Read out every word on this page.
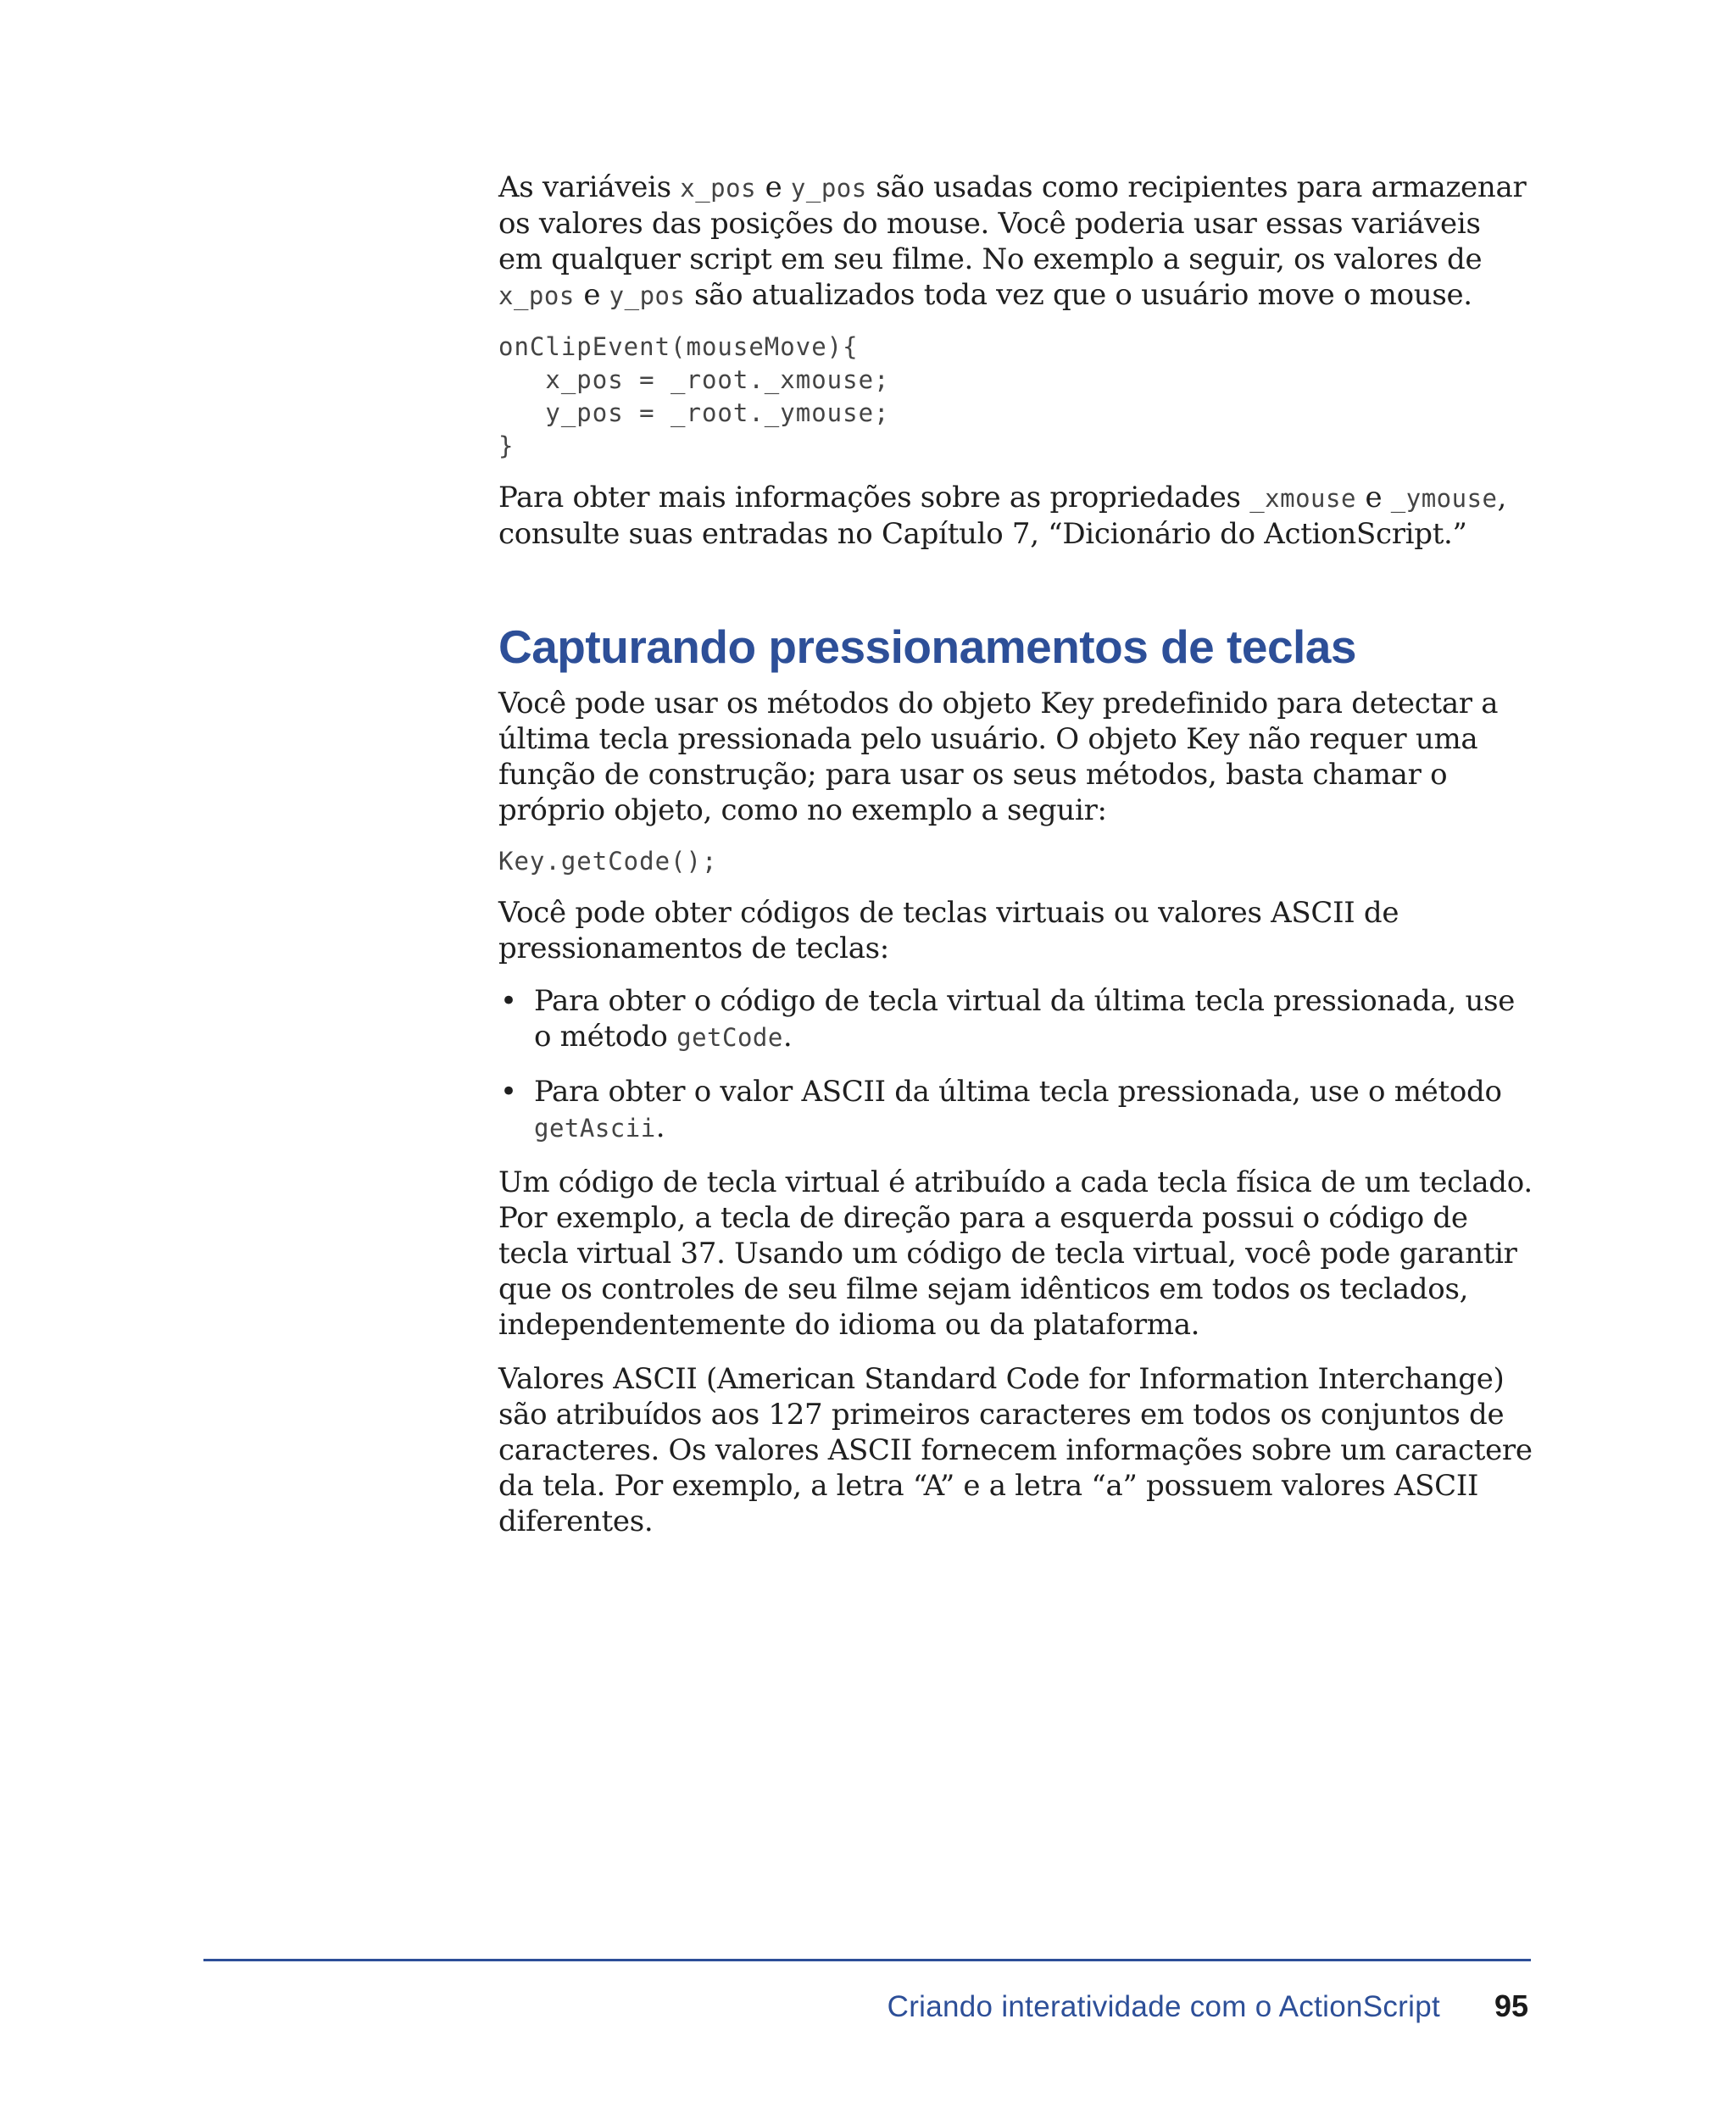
As variáveis x_pos e y_pos são usadas como recipientes para armazenar os valores das posições do mouse. Você poderia usar essas variáveis em qualquer script em seu filme. No exemplo a seguir, os valores de x_pos e y_pos são atualizados toda vez que o usuário move o mouse.

onClipEvent(mouseMove){
x_pos = _root._xmouse;
y_pos = _root._ymouse;
}

Para obter mais informações sobre as propriedades _xmouse e _ymouse, consulte suas entradas no Capítulo 7, “Dicionário do ActionScript.”

Capturando pressionamentos de teclas

Você pode usar os métodos do objeto Key predefinido para detectar a última tecla pressionada pelo usuário. O objeto Key não requer uma função de construção; para usar os seus métodos, basta chamar o próprio objeto, como no exemplo a seguir:

Key.getCode();

Você pode obter códigos de teclas virtuais ou valores ASCII de pressionamentos de teclas:

• Para obter o código de tecla virtual da última tecla pressionada, use o método getCode.
• Para obter o valor ASCII da última tecla pressionada, use o método getAscii.

Um código de tecla virtual é atribuído a cada tecla física de um teclado. Por exemplo, a tecla de direção para a esquerda possui o código de tecla virtual 37. Usando um código de tecla virtual, você pode garantir que os controles de seu filme sejam idênticos em todos os teclados, independentemente do idioma ou da plataforma.

Valores ASCII (American Standard Code for Information Interchange) são atribuídos aos 127 primeiros caracteres em todos os conjuntos de caracteres. Os valores ASCII fornecem informações sobre um caractere da tela. Por exemplo, a letra “A” e a letra “a” possuem valores ASCII diferentes.

Criando interatividade com o ActionScript 95
